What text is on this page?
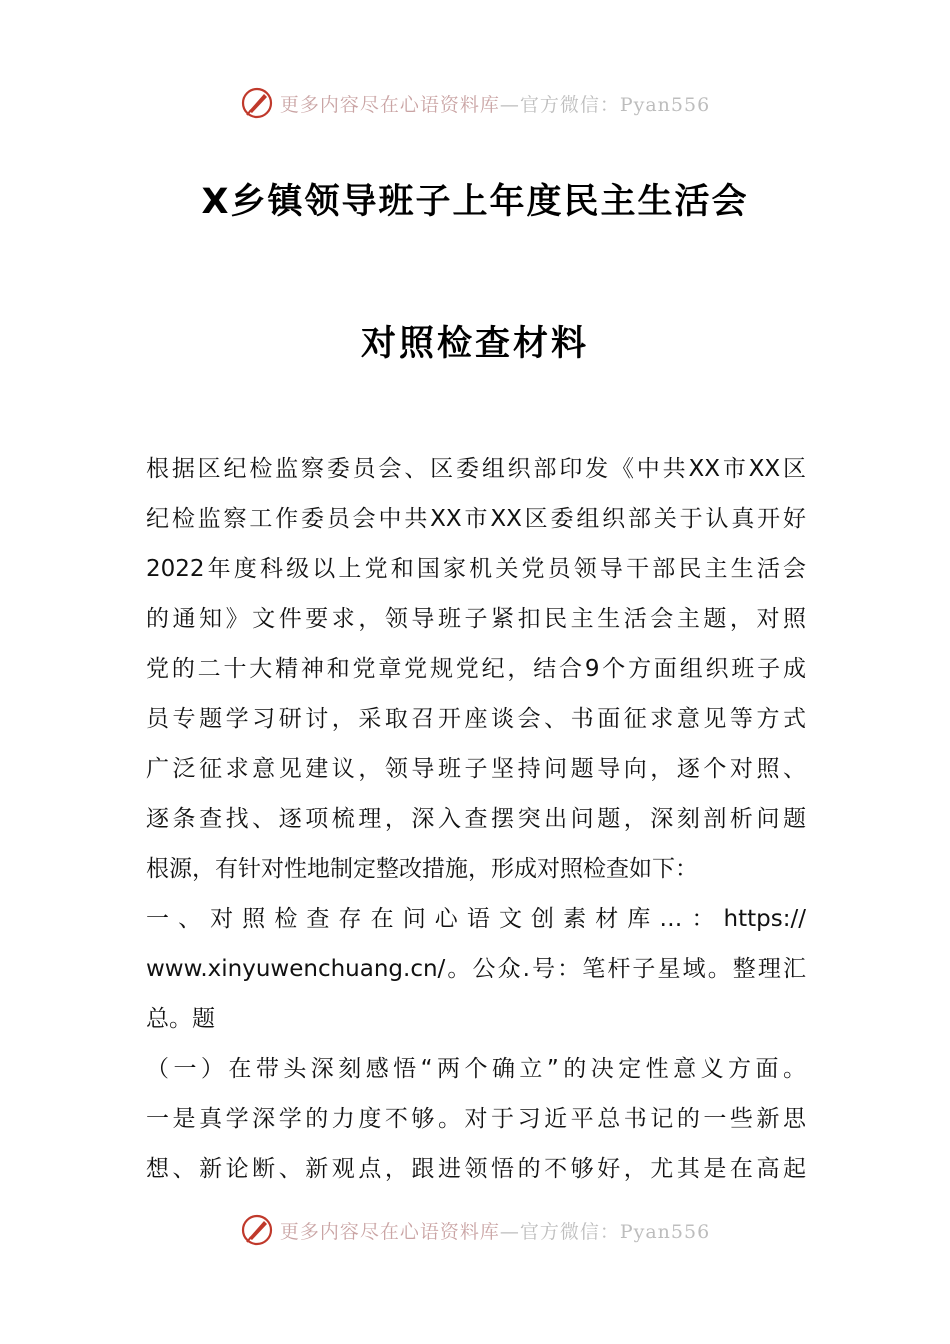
更多内容尽在心语资料库—官方微信：Pyan556
X乡镇领导班子上年度民主生活会
对照检查材料
根据区纪检监察委员会、区委组织部印发《中共XX市XX区
纪检监察工作委员会中共XX市XX区委组织部关于认真开好
2022年度科级以上党和国家机关党员领导干部民主生活会
的通知》文件要求，领导班子紧扣民主生活会主题，对照
党的二十大精神和党章党规党纪，结合9个方面组织班子成
员专题学习研讨，采取召开座谈会、书面征求意见等方式
广泛征求意见建议，领导班子坚持问题导向，逐个对照、
逐条查找、逐项梳理，深入查摆突出问题，深刻剖析问题
根源，有针对性地制定整改措施，形成对照检查如下：
一、对照检查存在问心语文创素材库…：https://
www.xinyuwenchuang.cn/。公众.号：笔杆子星域。整理汇
总。题
（一）在带头深刻感悟“两个确立”的决定性意义方面。
一是真学深学的力度不够。对于习近平总书记的一些新思
想、新论断、新观点，跟进领悟的不够好，尤其是在高起
更多内容尽在心语资料库—官方微信：Pyan556
